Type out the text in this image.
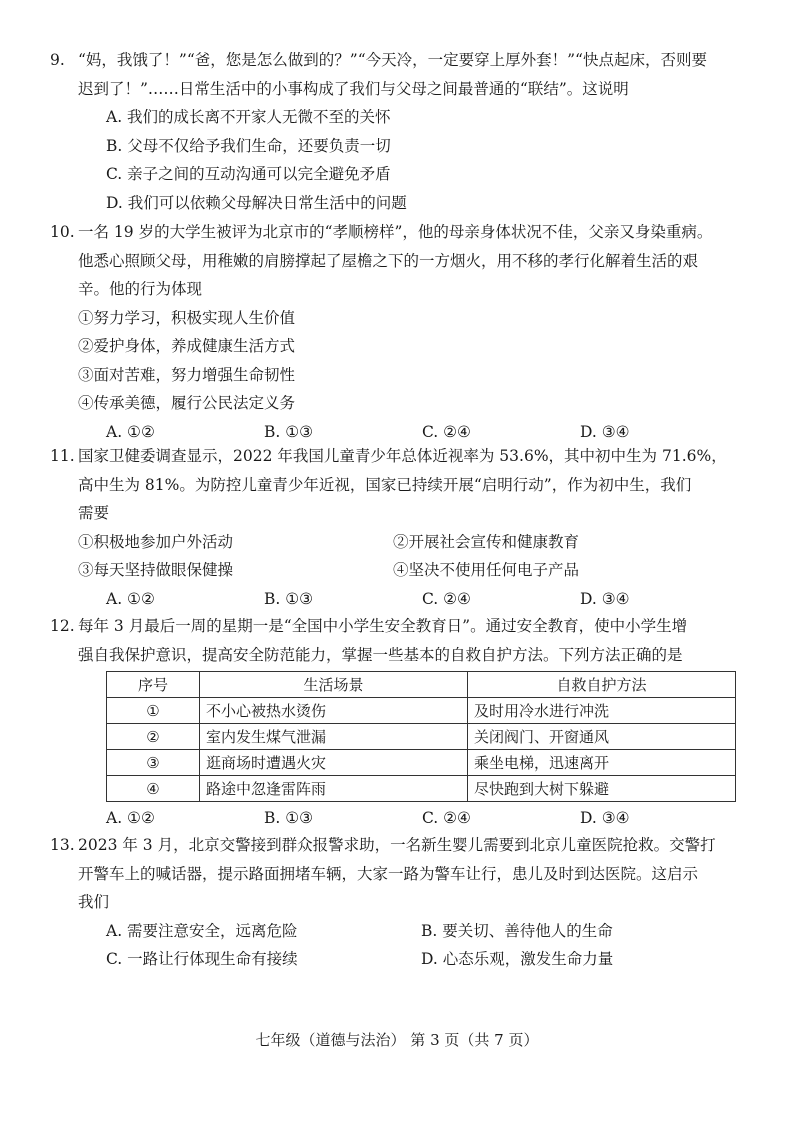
9. “妈，我饿了！”“爸，您是怎么做到的？”“今天冷，一定要穿上厚外套！”“快点起床，否则要
迟到了！”……日常生活中的小事构成了我们与父母之间最普通的“联结”。这说明
A. 我们的成长离不开家人无微不至的关怀
B. 父母不仅给予我们生命，还要负责一切
C. 亲子之间的互动沟通可以完全避免矛盾
D. 我们可以依赖父母解决日常生活中的问题
10. 一名 19 岁的大学生被评为北京市的“孝顺榜样”，他的母亲身体状况不佳，父亲又身染重病。
他悉心照顾父母，用稚嫩的肩膀撑起了屋檐之下的一方烟火，用不移的孝行化解着生活的艰
辛。他的行为体现
①努力学习，积极实现人生价值
②爱护身体，养成健康生活方式
③面对苦难，努力增强生命韧性
④传承美德，履行公民法定义务
A. ①②	B. ①③	C. ②④	D. ③④
11. 国家卫健委调查显示，2022 年我国儿童青少年总体近视率为 53.6%，其中初中生为 71.6%，
高中生为 81%。为防控儿童青少年近视，国家已持续开展“启明行动”，作为初中生，我们
需要
①积极地参加户外活动	②开展社会宣传和健康教育
③每天坚持做眼保健操	④坚决不使用任何电子产品
A. ①②	B. ①③	C. ②④	D. ③④
12. 每年 3 月最后一周的星期一是“全国中小学生安全教育日”。通过安全教育，使中小学生增
强自我保护意识，提高安全防范能力，掌握一些基本的自救自护方法。下列方法正确的是
序号	生活场景	自救自护方法
①	不小心被热水烫伤	及时用冷水进行冲洗
②	室内发生煤气泄漏	关闭阀门、开窗通风
③	逛商场时遭遇火灾	乘坐电梯，迅速离开
④	路途中忽逢雷阵雨	尽快跑到大树下躲避
A. ①②	B. ①③	C. ②④	D. ③④
13. 2023 年 3 月，北京交警接到群众报警求助，一名新生婴儿需要到北京儿童医院抢救。交警打
开警车上的喊话器，提示路面拥堵车辆，大家一路为警车让行，患儿及时到达医院。这启示
我们
A. 需要注意安全，远离危险	B. 要关切、善待他人的生命
C. 一路让行体现生命有接续	D. 心态乐观，激发生命力量
七年级（道德与法治） 第 3 页（共 7 页）
